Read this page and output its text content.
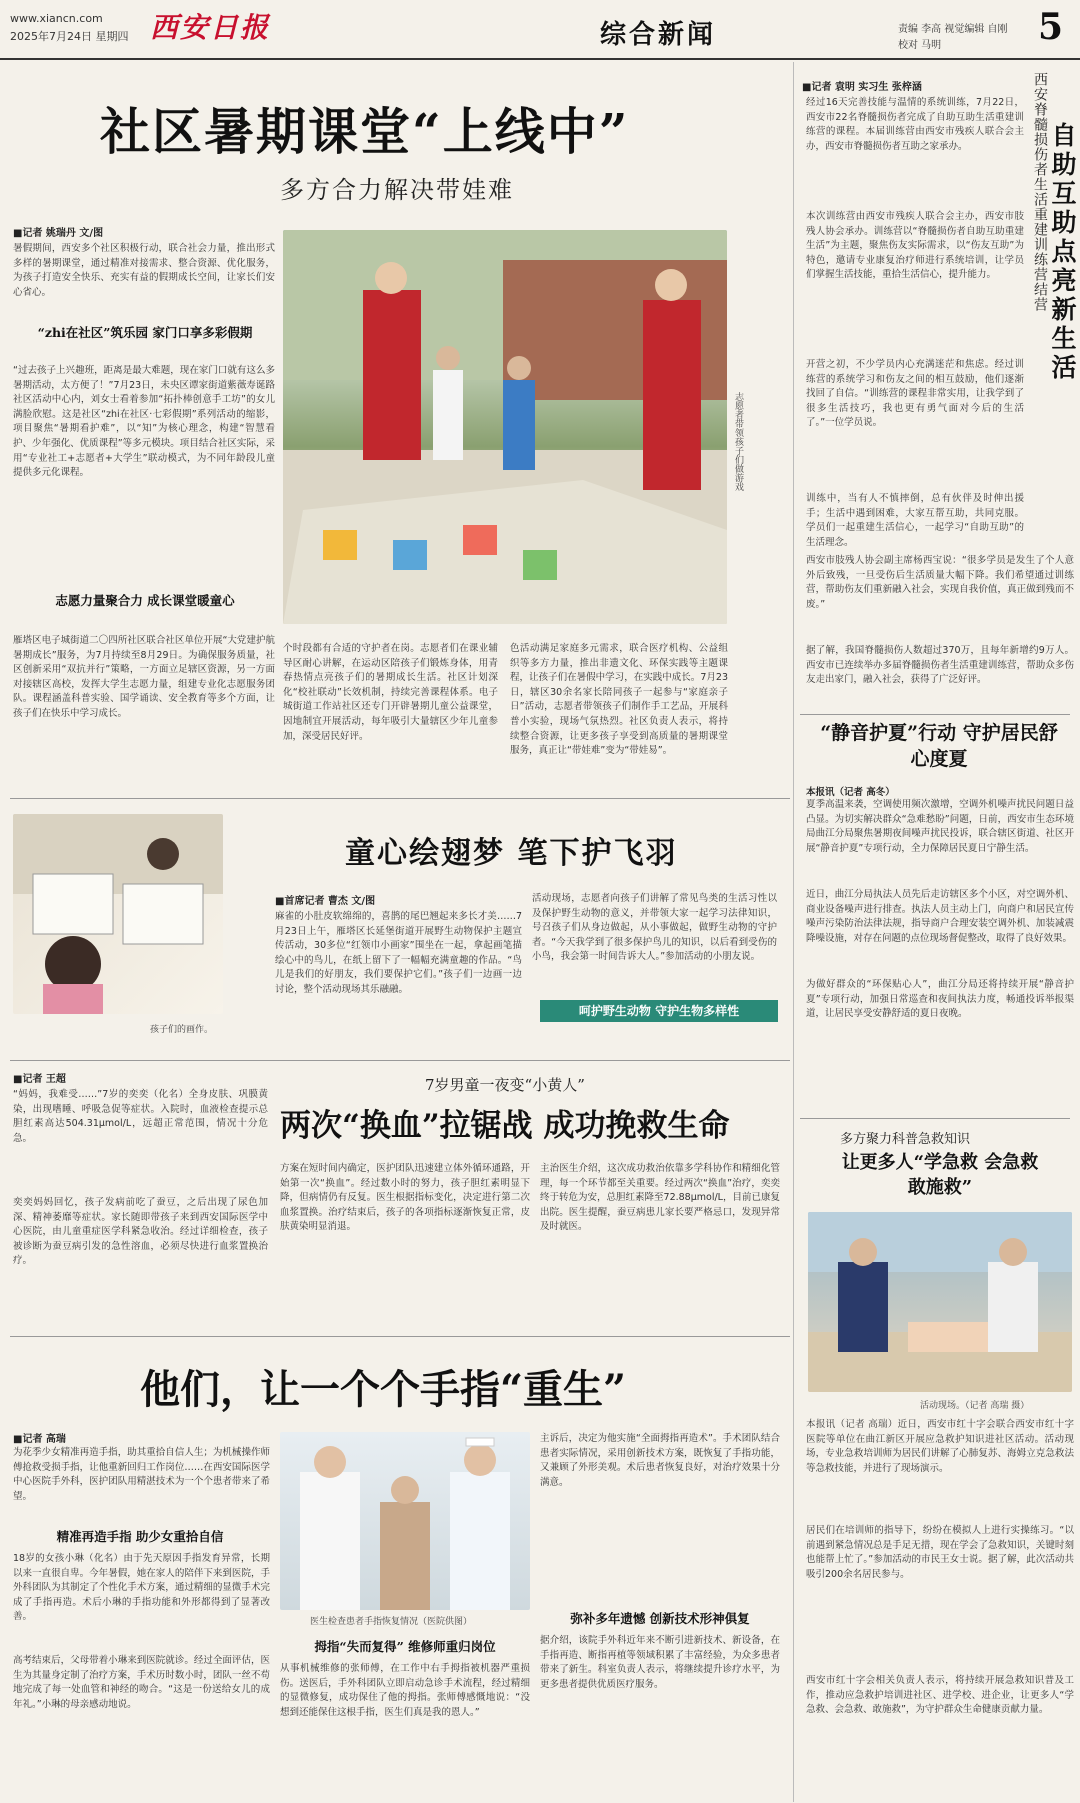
www.xiancn.com
2025年7月24日 星期四 西安日报	综合新闻	责编 李高 视觉编辑 自刚
校对 马明	5
社区暑期课堂“上线中”
多方合力解决带娃难
■记者 姚瑞丹 文/图
暑假期间，西安多个社区积极行动，联合社会力量，推出形式多样的暑期课堂，通过精准对接需求、整合资源、优化服务，为孩子打造安全快乐、充实有益的假期成长空间，让家长们安心省心。
“zhi在社区”筑乐园 家门口享多彩假期
“过去孩子上兴趣班，距离是最大难题，现在家门口就有这么多暑期活动，太方便了！”7月23日，未央区谭家街道紫薇寿诞路社区活动中心内，刘女士看着参加“拓扑棒创意手工坊”的女儿满脸欣慰。这是社区“zhi在社区·七彩假期”系列活动的缩影，项目聚焦“暑期看护难”，以“知”为核心理念，构建“智慧看护、少年强化、优质课程”等多元模块。项目结合社区实际，采用“专业社工+志愿者+大学生”联动模式，为不同年龄段儿童提供多元化课程。
志愿力量聚合力 成长课堂暖童心
雁塔区电子城街道二〇四所社区联合社区单位开展“大党建护航暑期成长”服务，为7月持续至8月29日。为确保服务质量，社区创新采用“双抗并行”策略，一方面立足辖区资源，另一方面对接辖区高校，发挥大学生志愿力量，组建专业化志愿服务团队。课程涵盖科普实验、国学诵读、安全教育等多个方面，让孩子们在快乐中学习成长。
志愿者带领孩子们做游戏
个时段都有合适的守护者在岗。志愿者们在课业辅导区耐心讲解，在运动区陪孩子们锻炼身体，用青春热情点亮孩子们的暑期成长生活。社区计划深化“校社联动”长效机制，持续完善课程体系。电子城街道工作站社区还专门开辟暑期儿童公益课堂，因地制宜开展活动，每年吸引大量辖区少年儿童参加，深受居民好评。
色活动满足家庭多元需求，联合医疗机构、公益组织等多方力量，推出非遗文化、环保实践等主题课程，让孩子们在暑假中学习，在实践中成长。7月23日，辖区30余名家长陪同孩子一起参与“家庭亲子日”活动，志愿者带领孩子们制作手工艺品，开展科普小实验，现场气氛热烈。社区负责人表示，将持续整合资源，让更多孩子享受到高质量的暑期课堂服务，真正让“带娃难”变为“带娃易”。
孩子们的画作。
童心绘翅梦 笔下护飞羽
■首席记者 曹杰 文/图
麻雀的小肚皮软绵绵的，喜鹊的尾巴翘起来多长才美……7月23日上午，雁塔区长延堡街道开展野生动物保护主题宣传活动，30多位“红领巾小画家”围坐在一起，拿起画笔描绘心中的鸟儿，在纸上留下了一幅幅充满童趣的作品。“鸟儿是我们的好朋友，我们要保护它们。”孩子们一边画一边讨论，整个活动现场其乐融融。
活动现场，志愿者向孩子们讲解了常见鸟类的生活习性以及保护野生动物的意义，并带领大家一起学习法律知识，号召孩子们从身边做起，从小事做起，做野生动物的守护者。“今天我学到了很多保护鸟儿的知识，以后看到受伤的小鸟，我会第一时间告诉大人。”参加活动的小朋友说。
呵护野生动物 守护生物多样性
■记者 王超	7岁男童一夜变“小黄人”
两次“换血”拉锯战 成功挽救生命
“妈妈，我难受……”7岁的奕奕（化名）全身皮肤、巩膜黄染，出现嗜睡、呼吸急促等症状。入院时，血液检查提示总胆红素高达504.31μmol/L，远超正常范围，情况十分危急。
奕奕妈妈回忆，孩子发病前吃了蚕豆，之后出现了尿色加深、精神萎靡等症状。家长随即带孩子来到西安国际医学中心医院，由儿童重症医学科紧急收治。经过详细检查，孩子被诊断为蚕豆病引发的急性溶血，必须尽快进行血浆置换治疗。
方案在短时间内确定，医护团队迅速建立体外循环通路，开始第一次“换血”。经过数小时的努力，孩子胆红素明显下降，但病情仍有反复。医生根据指标变化，决定进行第二次血浆置换。治疗结束后，孩子的各项指标逐渐恢复正常，皮肤黄染明显消退。
主治医生介绍，这次成功救治依靠多学科协作和精细化管理，每一个环节都至关重要。经过两次“换血”治疗，奕奕终于转危为安，总胆红素降至72.88μmol/L，目前已康复出院。医生提醒，蚕豆病患儿家长要严格忌口，发现异常及时就医。
他们，让一个个手指“重生”
■记者 高瑞
为花季少女精准再造手指，助其重拾自信人生；为机械操作师傅抢救受损手指，让他重新回归工作岗位……在西安国际医学中心医院手外科，医护团队用精湛技术为一个个患者带来了希望。
精准再造手指 助少女重拾自信
18岁的女孩小琳（化名）由于先天原因手指发育异常，长期以来一直很自卑。今年暑假，她在家人的陪伴下来到医院，手外科团队为其制定了个性化手术方案，通过精细的显微手术完成了手指再造。术后小琳的手指功能和外形都得到了显著改善。
高考结束后，父母带着小琳来到医院就诊。经过全面评估，医生为其量身定制了治疗方案，手术历时数小时，团队一丝不苟地完成了每一处血管和神经的吻合。“这是一份送给女儿的成年礼。”小琳的母亲感动地说。
医生检查患者手指恢复情况（医院供图）
拇指“失而复得” 维修师重归岗位
从事机械维修的张师傅，在工作中右手拇指被机器严重损伤。送医后，手外科团队立即启动急诊手术流程，经过精细的显微修复，成功保住了他的拇指。张师傅感慨地说：“没想到还能保住这根手指，医生们真是我的恩人。”
主诉后，决定为他实施“全面拇指再造术”。手术团队结合患者实际情况，采用创新技术方案，既恢复了手指功能，又兼顾了外形美观。术后患者恢复良好，对治疗效果十分满意。
弥补多年遗憾 创新技术形神俱复
据介绍，该院手外科近年来不断引进新技术、新设备，在手指再造、断指再植等领域积累了丰富经验，为众多患者带来了新生。科室负责人表示，将继续提升诊疗水平，为更多患者提供优质医疗服务。
■记者 袁明 实习生 张梓涵
经过16天完善技能与温情的系统训练，7月22日，西安市22名脊髓损伤者完成了自助互助生活重建训练营的课程。本届训练营由西安市残疾人联合会主办，西安市脊髓损伤者互助之家承办。
本次训练营由西安市残疾人联合会主办，西安市肢残人协会承办。训练营以“脊髓损伤者自助互助重建生活”为主题，聚焦伤友实际需求，以“伤友互助”为特色，邀请专业康复治疗师进行系统培训，让学员们掌握生活技能，重拾生活信心，提升能力。
开营之初，不少学员内心充满迷茫和焦虑。经过训练营的系统学习和伤友之间的相互鼓励，他们逐渐找回了自信。“训练营的课程非常实用，让我学到了很多生活技巧，我也更有勇气面对今后的生活了。”一位学员说。
训练中，当有人不慎摔倒，总有伙伴及时伸出援手；生活中遇到困难，大家互帮互助，共同克服。学员们一起重建生活信心，一起学习“自助互助”的生活理念。
西安市肢残人协会副主席杨西宝说：“很多学员是发生了个人意外后致残，一旦受伤后生活质量大幅下降。我们希望通过训练营，帮助伤友们重新融入社会，实现自我价值，真正做到残而不废。”
据了解，我国脊髓损伤人数超过370万，且每年新增约9万人。西安市已连续举办多届脊髓损伤者生活重建训练营，帮助众多伤友走出家门，融入社会，获得了广泛好评。
西安脊髓损伤者生活重建训练营结营 自助互助点亮新生活
“静音护夏”行动 守护居民舒心度夏
本报讯（记者 高冬）
夏季高温来袭，空调使用频次激增，空调外机噪声扰民问题日益凸显。为切实解决群众“急难愁盼”问题，日前，西安市生态环境局曲江分局聚焦暑期夜间噪声扰民投诉，联合辖区街道、社区开展“静音护夏”专项行动，全力保障居民夏日宁静生活。
近日，曲江分局执法人员先后走访辖区多个小区，对空调外机、商业设备噪声进行排查。执法人员主动上门，向商户和居民宣传噪声污染防治法律法规，指导商户合理安装空调外机、加装减震降噪设施，对存在问题的点位现场督促整改，取得了良好效果。
为做好群众的“环保贴心人”，曲江分局还将持续开展“静音护夏”专项行动，加强日常巡查和夜间执法力度，畅通投诉举报渠道，让居民享受安静舒适的夏日夜晚。
多方聚力科普急救知识
让更多人“学急救 会急救敢施救”
活动现场。（记者 高瑞 摄）
本报讯（记者 高瑞）近日，西安市红十字会联合西安市红十字医院等单位在曲江新区开展应急救护知识进社区活动。活动现场，专业急救培训师为居民们讲解了心肺复苏、海姆立克急救法等急救技能，并进行了现场演示。
居民们在培训师的指导下，纷纷在模拟人上进行实操练习。“以前遇到紧急情况总是手足无措，现在学会了急救知识，关键时刻也能帮上忙了。”参加活动的市民王女士说。据了解，此次活动共吸引200余名居民参与。
西安市红十字会相关负责人表示，将持续开展急救知识普及工作，推动应急救护培训进社区、进学校、进企业，让更多人“学急救、会急救、敢施救”，为守护群众生命健康贡献力量。
